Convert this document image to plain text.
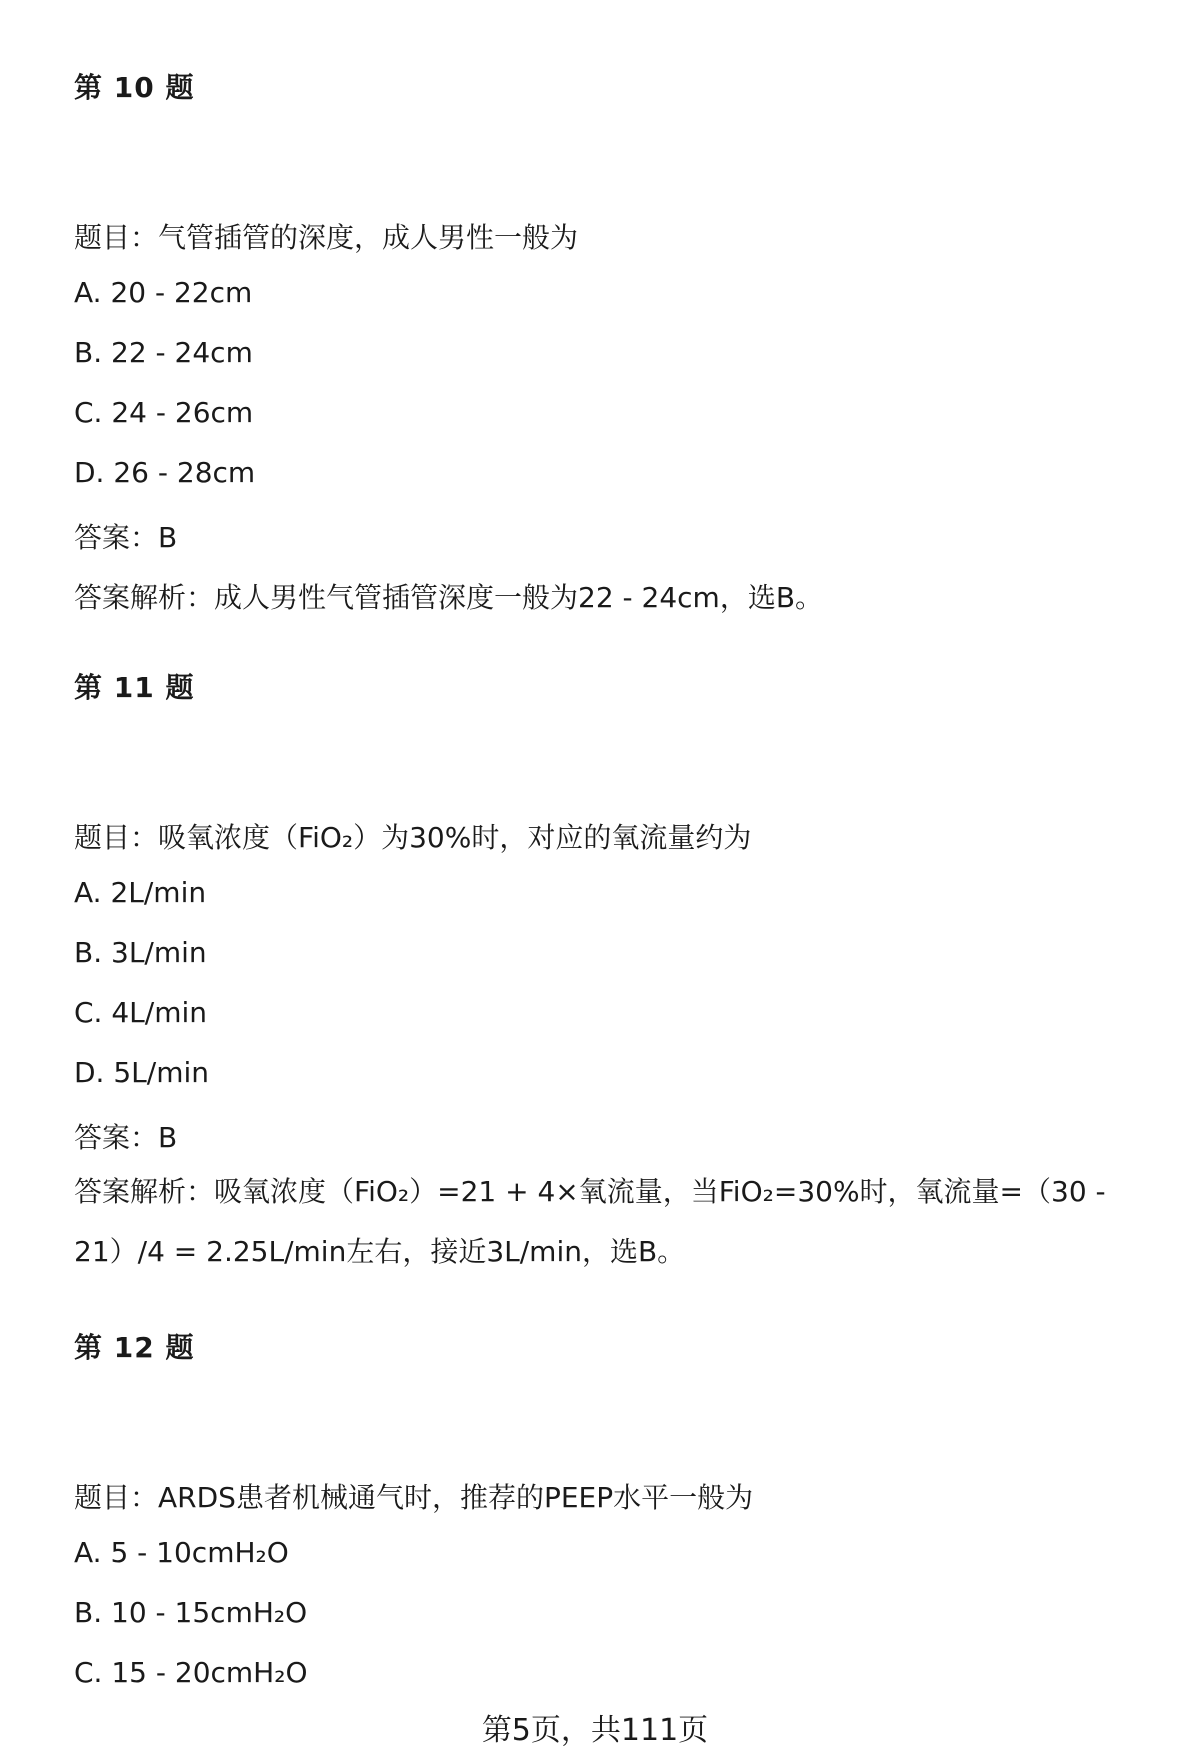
第 10 题
题目：气管插管的深度，成人男性一般为
A. 20 - 22cm
B. 22 - 24cm
C. 24 - 26cm
D. 26 - 28cm
答案：B
答案解析：成人男性气管插管深度一般为22 - 24cm，选B。
第 11 题
题目：吸氧浓度（FiO₂）为30%时，对应的氧流量约为
A. 2L/min
B. 3L/min
C. 4L/min
D. 5L/min
答案：B
答案解析：吸氧浓度（FiO₂）=21 + 4×氧流量，当FiO₂=30%时，氧流量=（30 - 21）/4 = 2.25L/min左右，接近3L/min，选B。
第 12 题
题目：ARDS患者机械通气时，推荐的PEEP水平一般为
A. 5 - 10cmH₂O
B. 10 - 15cmH₂O
C. 15 - 20cmH₂O
第5页，共111页
